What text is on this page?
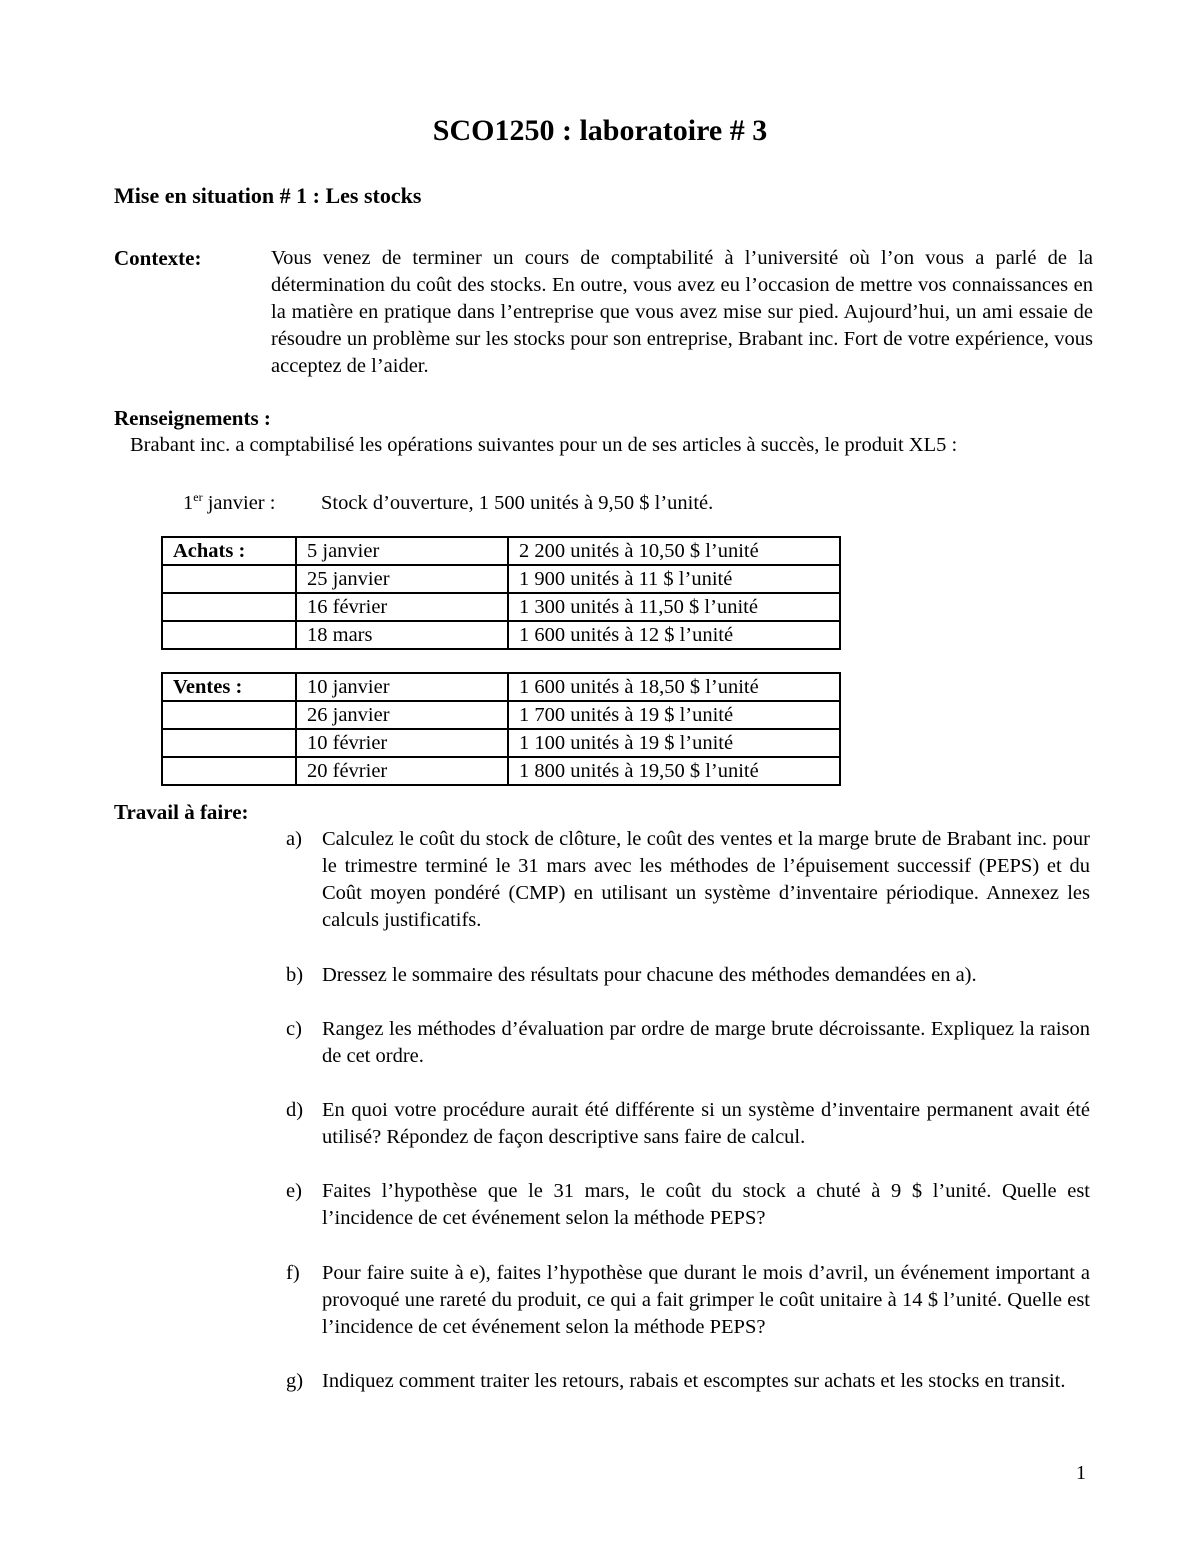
SCO1250 : laboratoire # 3
Mise en situation # 1 : Les stocks
Contexte:	Vous venez de terminer un cours de comptabilité à l’université où l’on vous a parlé de la détermination du coût des stocks. En outre, vous avez eu l’occasion de mettre vos connaissances en la matière en pratique dans l’entreprise que vous avez mise sur pied. Aujourd’hui, un ami essaie de résoudre un problème sur les stocks pour son entreprise, Brabant inc. Fort de votre expérience, vous acceptez de l’aider.
Renseignements :
Brabant inc. a comptabilisé les opérations suivantes pour un de ses articles à succès, le produit XL5 :
1er janvier : Stock d’ouverture, 1 500 unités à 9,50 $ l’unité.
Achats :	5 janvier	2 200 unités à 10,50 $ l’unité
	25 janvier	1 900 unités à 11 $ l’unité
	16 février	1 300 unités à 11,50 $ l’unité
	18 mars	1 600 unités à 12 $ l’unité
Ventes :	10 janvier	1 600 unités à 18,50 $ l’unité
	26 janvier	1 700 unités à 19 $ l’unité
	10 février	1 100 unités à 19 $ l’unité
	20 février	1 800 unités à 19,50 $ l’unité
Travail à faire:
a) Calculez le coût du stock de clôture, le coût des ventes et la marge brute de Brabant inc. pour le trimestre terminé le 31 mars avec les méthodes de l’épuisement successif (PEPS) et du Coût moyen pondéré (CMP) en utilisant un système d’inventaire périodique. Annexez les calculs justificatifs.
b) Dressez le sommaire des résultats pour chacune des méthodes demandées en a).
c) Rangez les méthodes d’évaluation par ordre de marge brute décroissante. Expliquez la raison de cet ordre.
d) En quoi votre procédure aurait été différente si un système d’inventaire permanent avait été utilisé? Répondez de façon descriptive sans faire de calcul.
e) Faites l’hypothèse que le 31 mars, le coût du stock a chuté à 9 $ l’unité. Quelle est l’incidence de cet événement selon la méthode PEPS?
f) Pour faire suite à e), faites l’hypothèse que durant le mois d’avril, un événement important a provoqué une rareté du produit, ce qui a fait grimper le coût unitaire à 14 $ l’unité. Quelle est l’incidence de cet événement selon la méthode PEPS?
g) Indiquez comment traiter les retours, rabais et escomptes sur achats et les stocks en transit.
1
